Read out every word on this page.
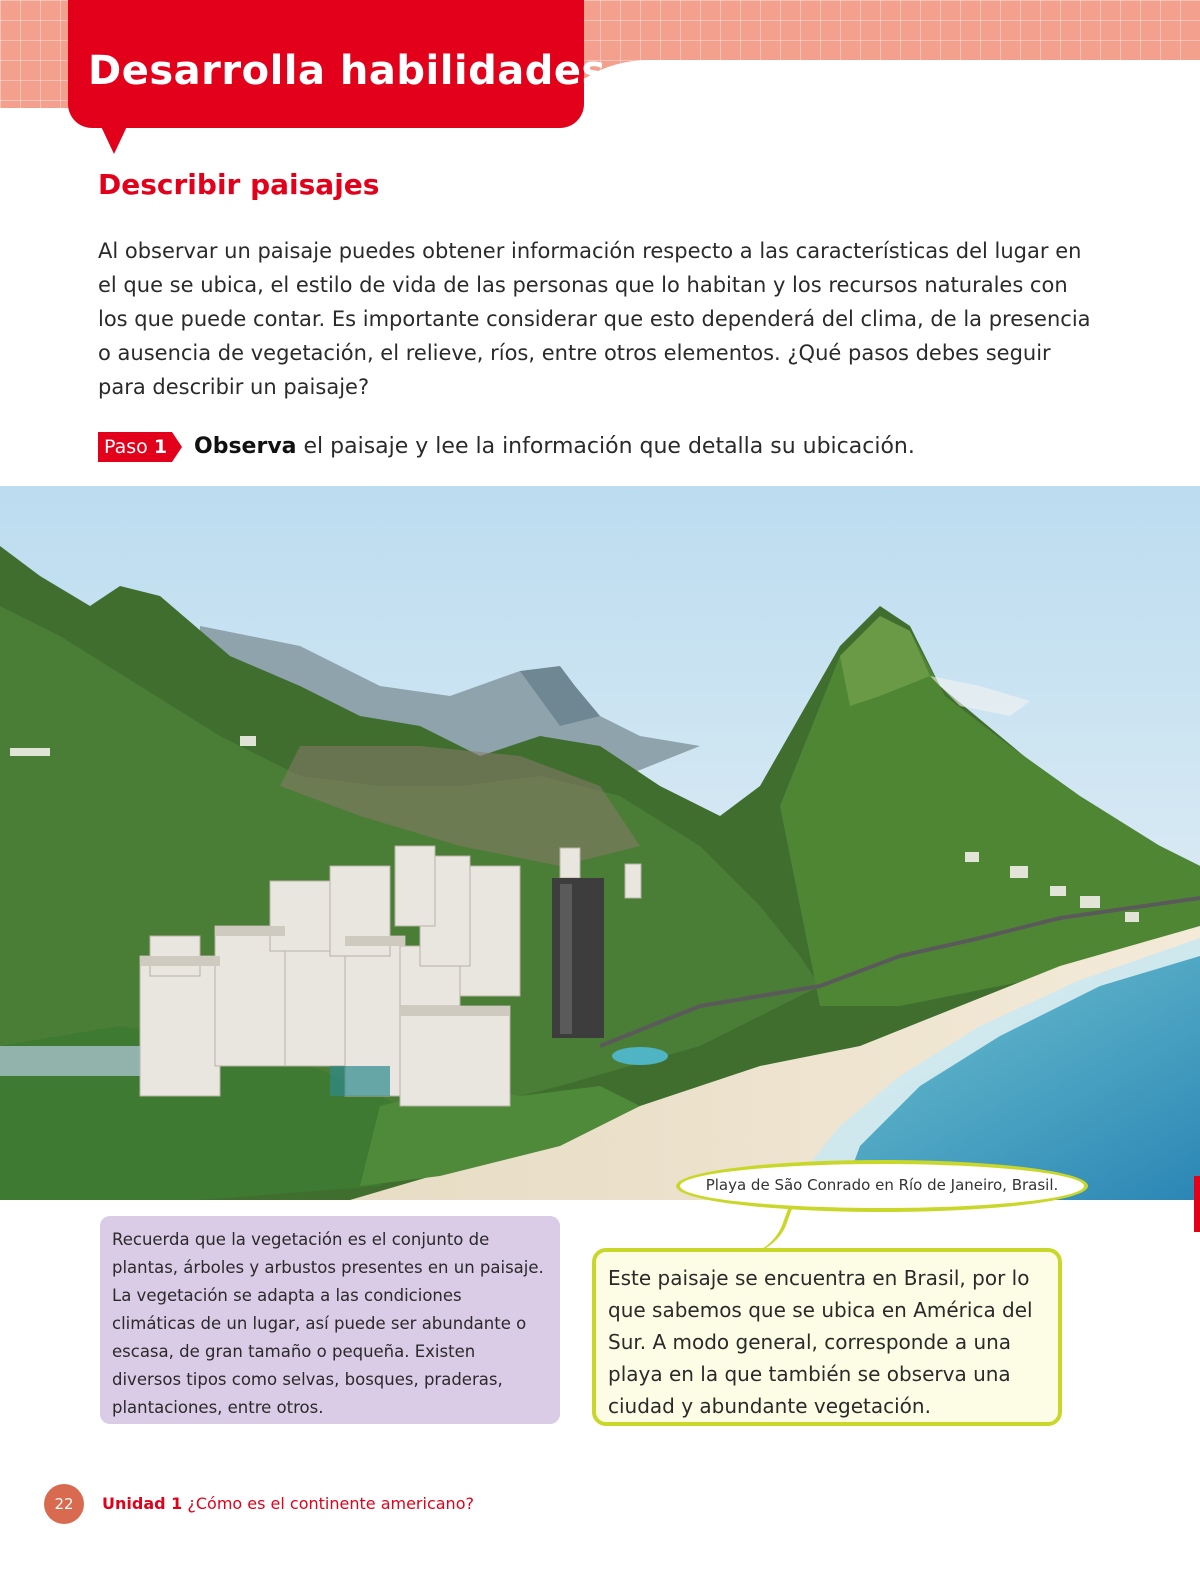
Desarrolla habilidades
Describir paisajes
Al observar un paisaje puedes obtener información respecto a las características del lugar en el que se ubica, el estilo de vida de las personas que lo habitan y los recursos naturales con los que puede contar. Es importante considerar que esto dependerá del clima, de la presencia o ausencia de vegetación, el relieve, ríos, entre otros elementos. ¿Qué pasos debes seguir para describir un paisaje?
Paso 1 Observa el paisaje y lee la información que detalla su ubicación.
Playa de São Conrado en Río de Janeiro, Brasil.
Recuerda que la vegetación es el conjunto de plantas, árboles y arbustos presentes en un paisaje. La vegetación se adapta a las condiciones climáticas de un lugar, así puede ser abundante o escasa, de gran tamaño o pequeña. Existen diversos tipos como selvas, bosques, praderas, plantaciones, entre otros.
Este paisaje se encuentra en Brasil, por lo que sabemos que se ubica en América del Sur. A modo general, corresponde a una playa en la que también se observa una ciudad y abundante vegetación.
22	Unidad 1 ¿Cómo es el continente americano?
